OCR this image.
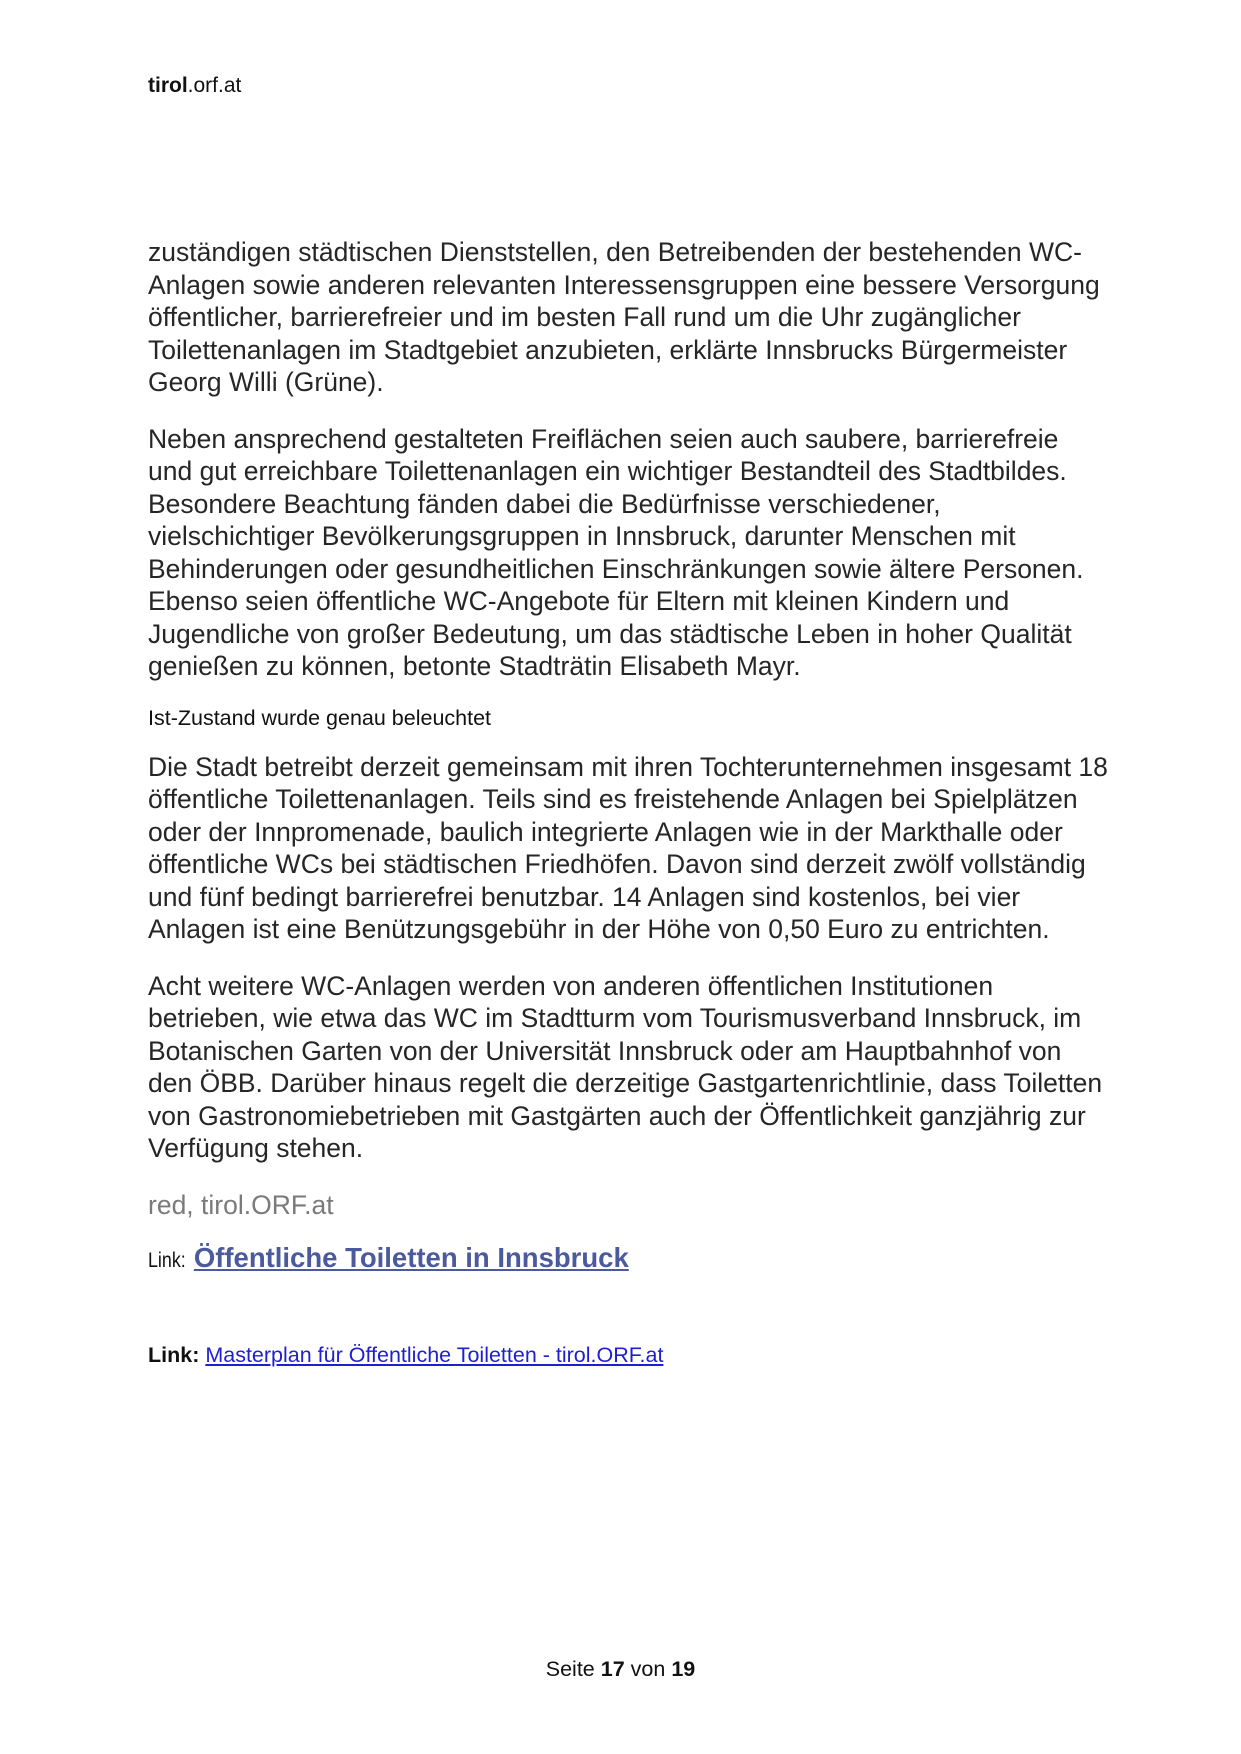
tirol.orf.at

zuständigen städtischen Dienststellen, den Betreibenden der bestehenden WC-Anlagen sowie anderen relevanten Interessensgruppen eine bessere Versorgung öffentlicher, barrierefreier und im besten Fall rund um die Uhr zugänglicher Toilettenanlagen im Stadtgebiet anzubieten, erklärte Innsbrucks Bürgermeister Georg Willi (Grüne).

Neben ansprechend gestalteten Freiflächen seien auch saubere, barrierefreie und gut erreichbare Toilettenanlagen ein wichtiger Bestandteil des Stadtbildes. Besondere Beachtung fänden dabei die Bedürfnisse verschiedener, vielschichtiger Bevölkerungsgruppen in Innsbruck, darunter Menschen mit Behinderungen oder gesundheitlichen Einschränkungen sowie ältere Personen. Ebenso seien öffentliche WC-Angebote für Eltern mit kleinen Kindern und Jugendliche von großer Bedeutung, um das städtische Leben in hoher Qualität genießen zu können, betonte Stadträtin Elisabeth Mayr.

Ist-Zustand wurde genau beleuchtet

Die Stadt betreibt derzeit gemeinsam mit ihren Tochterunternehmen insgesamt 18 öffentliche Toilettenanlagen. Teils sind es freistehende Anlagen bei Spielplätzen oder der Innpromenade, baulich integrierte Anlagen wie in der Markthalle oder öffentliche WCs bei städtischen Friedhöfen. Davon sind derzeit zwölf vollständig und fünf bedingt barrierefrei benutzbar. 14 Anlagen sind kostenlos, bei vier Anlagen ist eine Benützungsgebühr in der Höhe von 0,50 Euro zu entrichten.

Acht weitere WC-Anlagen werden von anderen öffentlichen Institutionen betrieben, wie etwa das WC im Stadtturm vom Tourismusverband Innsbruck, im Botanischen Garten von der Universität Innsbruck oder am Hauptbahnhof von den ÖBB. Darüber hinaus regelt die derzeitige Gastgartenrichtlinie, dass Toiletten von Gastronomiebetrieben mit Gastgärten auch der Öffentlichkeit ganzjährig zur Verfügung stehen.

red, tirol.ORF.at

Link: Öffentliche Toiletten in Innsbruck

Link: Masterplan für Öffentliche Toiletten - tirol.ORF.at

Seite 17 von 19
